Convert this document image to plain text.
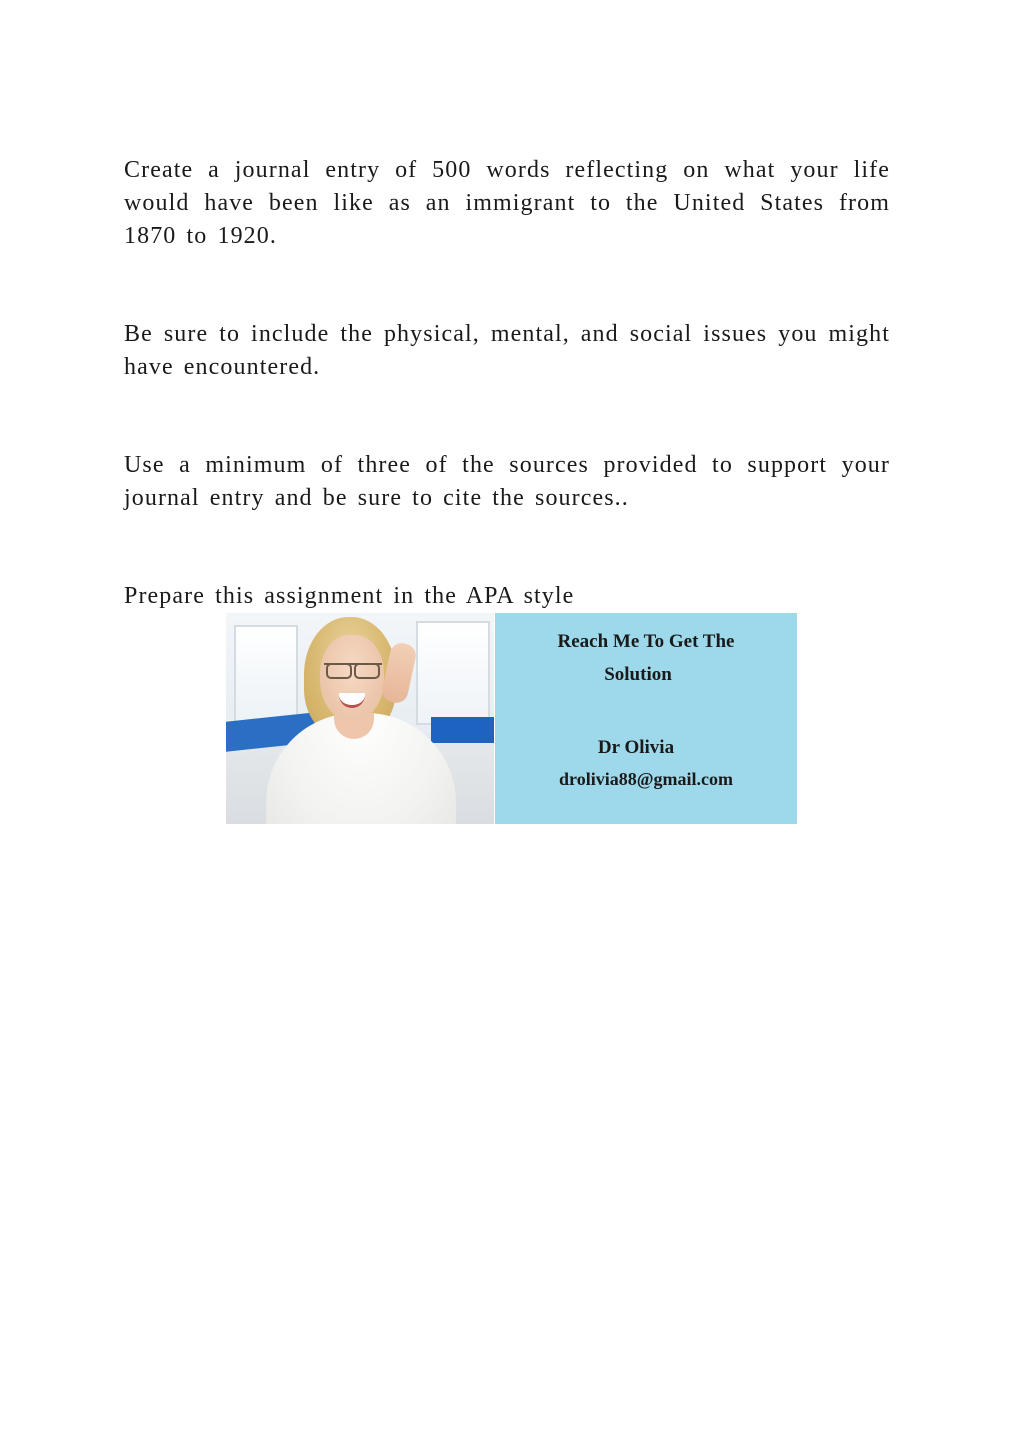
Create a journal entry of 500 words reflecting on what your life would have been like as an immigrant to the United States from 1870 to 1920.

Be sure to include the physical, mental, and social issues you might have encountered.

Use a minimum of three of the sources provided to support your journal entry and be sure to cite the sources..

Prepare this assignment in the APA style

Reach Me To Get The
Solution
Dr Olivia
drolivia88@gmail.com
